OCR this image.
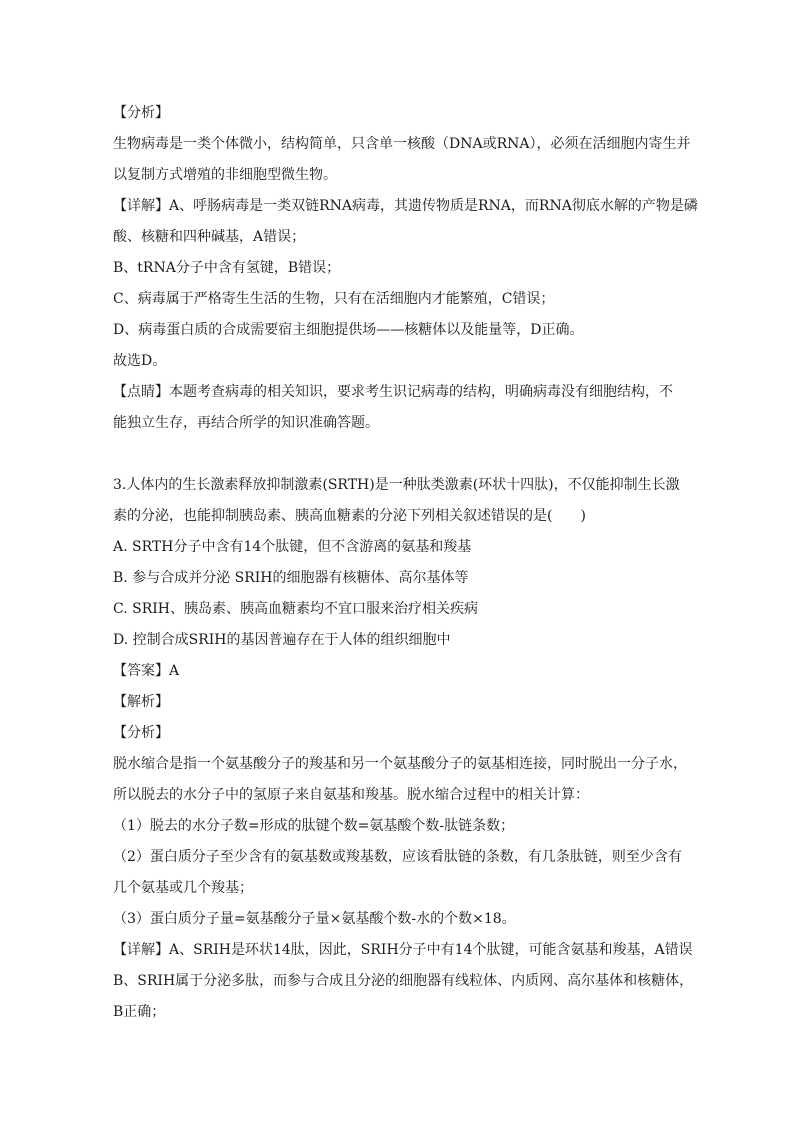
【分析】
生物病毒是一类个体微小，结构简单，只含单一核酸（DNA或RNA），必须在活细胞内寄生并
以复制方式增殖的非细胞型微生物。
【详解】A、呼肠病毒是一类双链RNA病毒，其遗传物质是RNA，而RNA彻底水解的产物是磷
酸、核糖和四种碱基，A错误；
B、tRNA分子中含有氢键，B错误；
C、病毒属于严格寄生生活的生物，只有在活细胞内才能繁殖，C错误；
D、病毒蛋白质的合成需要宿主细胞提供场——核糖体以及能量等，D正确。
故选D。
【点睛】本题考查病毒的相关知识，要求考生识记病毒的结构，明确病毒没有细胞结构，不
能独立生存，再结合所学的知识准确答题。
3.人体内的生长激素释放抑制激素(SRTH)是一种肽类激素(环状十四肽)，不仅能抑制生长激
素的分泌，也能抑制胰岛素、胰高血糖素的分泌下列相关叙述错误的是(　　)
A. SRTH分子中含有14个肽键，但不含游离的氨基和羧基
B. 参与合成并分泌 SRIH的细胞器有核糖体、高尔基体等
C. SRIH、胰岛素、胰高血糖素均不宜口服来治疗相关疾病
D. 控制合成SRIH的基因普遍存在于人体的组织细胞中
【答案】A
【解析】
【分析】
脱水缩合是指一个氨基酸分子的羧基和另一个氨基酸分子的氨基相连接，同时脱出一分子水，
所以脱去的水分子中的氢原子来自氨基和羧基。脱水缩合过程中的相关计算：
（1）脱去的水分子数=形成的肽键个数=氨基酸个数-肽链条数；
（2）蛋白质分子至少含有的氨基数或羧基数，应该看肽链的条数，有几条肽链，则至少含有
几个氨基或几个羧基；
（3）蛋白质分子量=氨基酸分子量×氨基酸个数-水的个数×18。
【详解】A、SRIH是环状14肽，因此，SRIH分子中有14个肽键，可能含氨基和羧基，A错误
B、SRIH属于分泌多肽，而参与合成且分泌的细胞器有线粒体、内质网、高尔基体和核糖体，
B正确；
